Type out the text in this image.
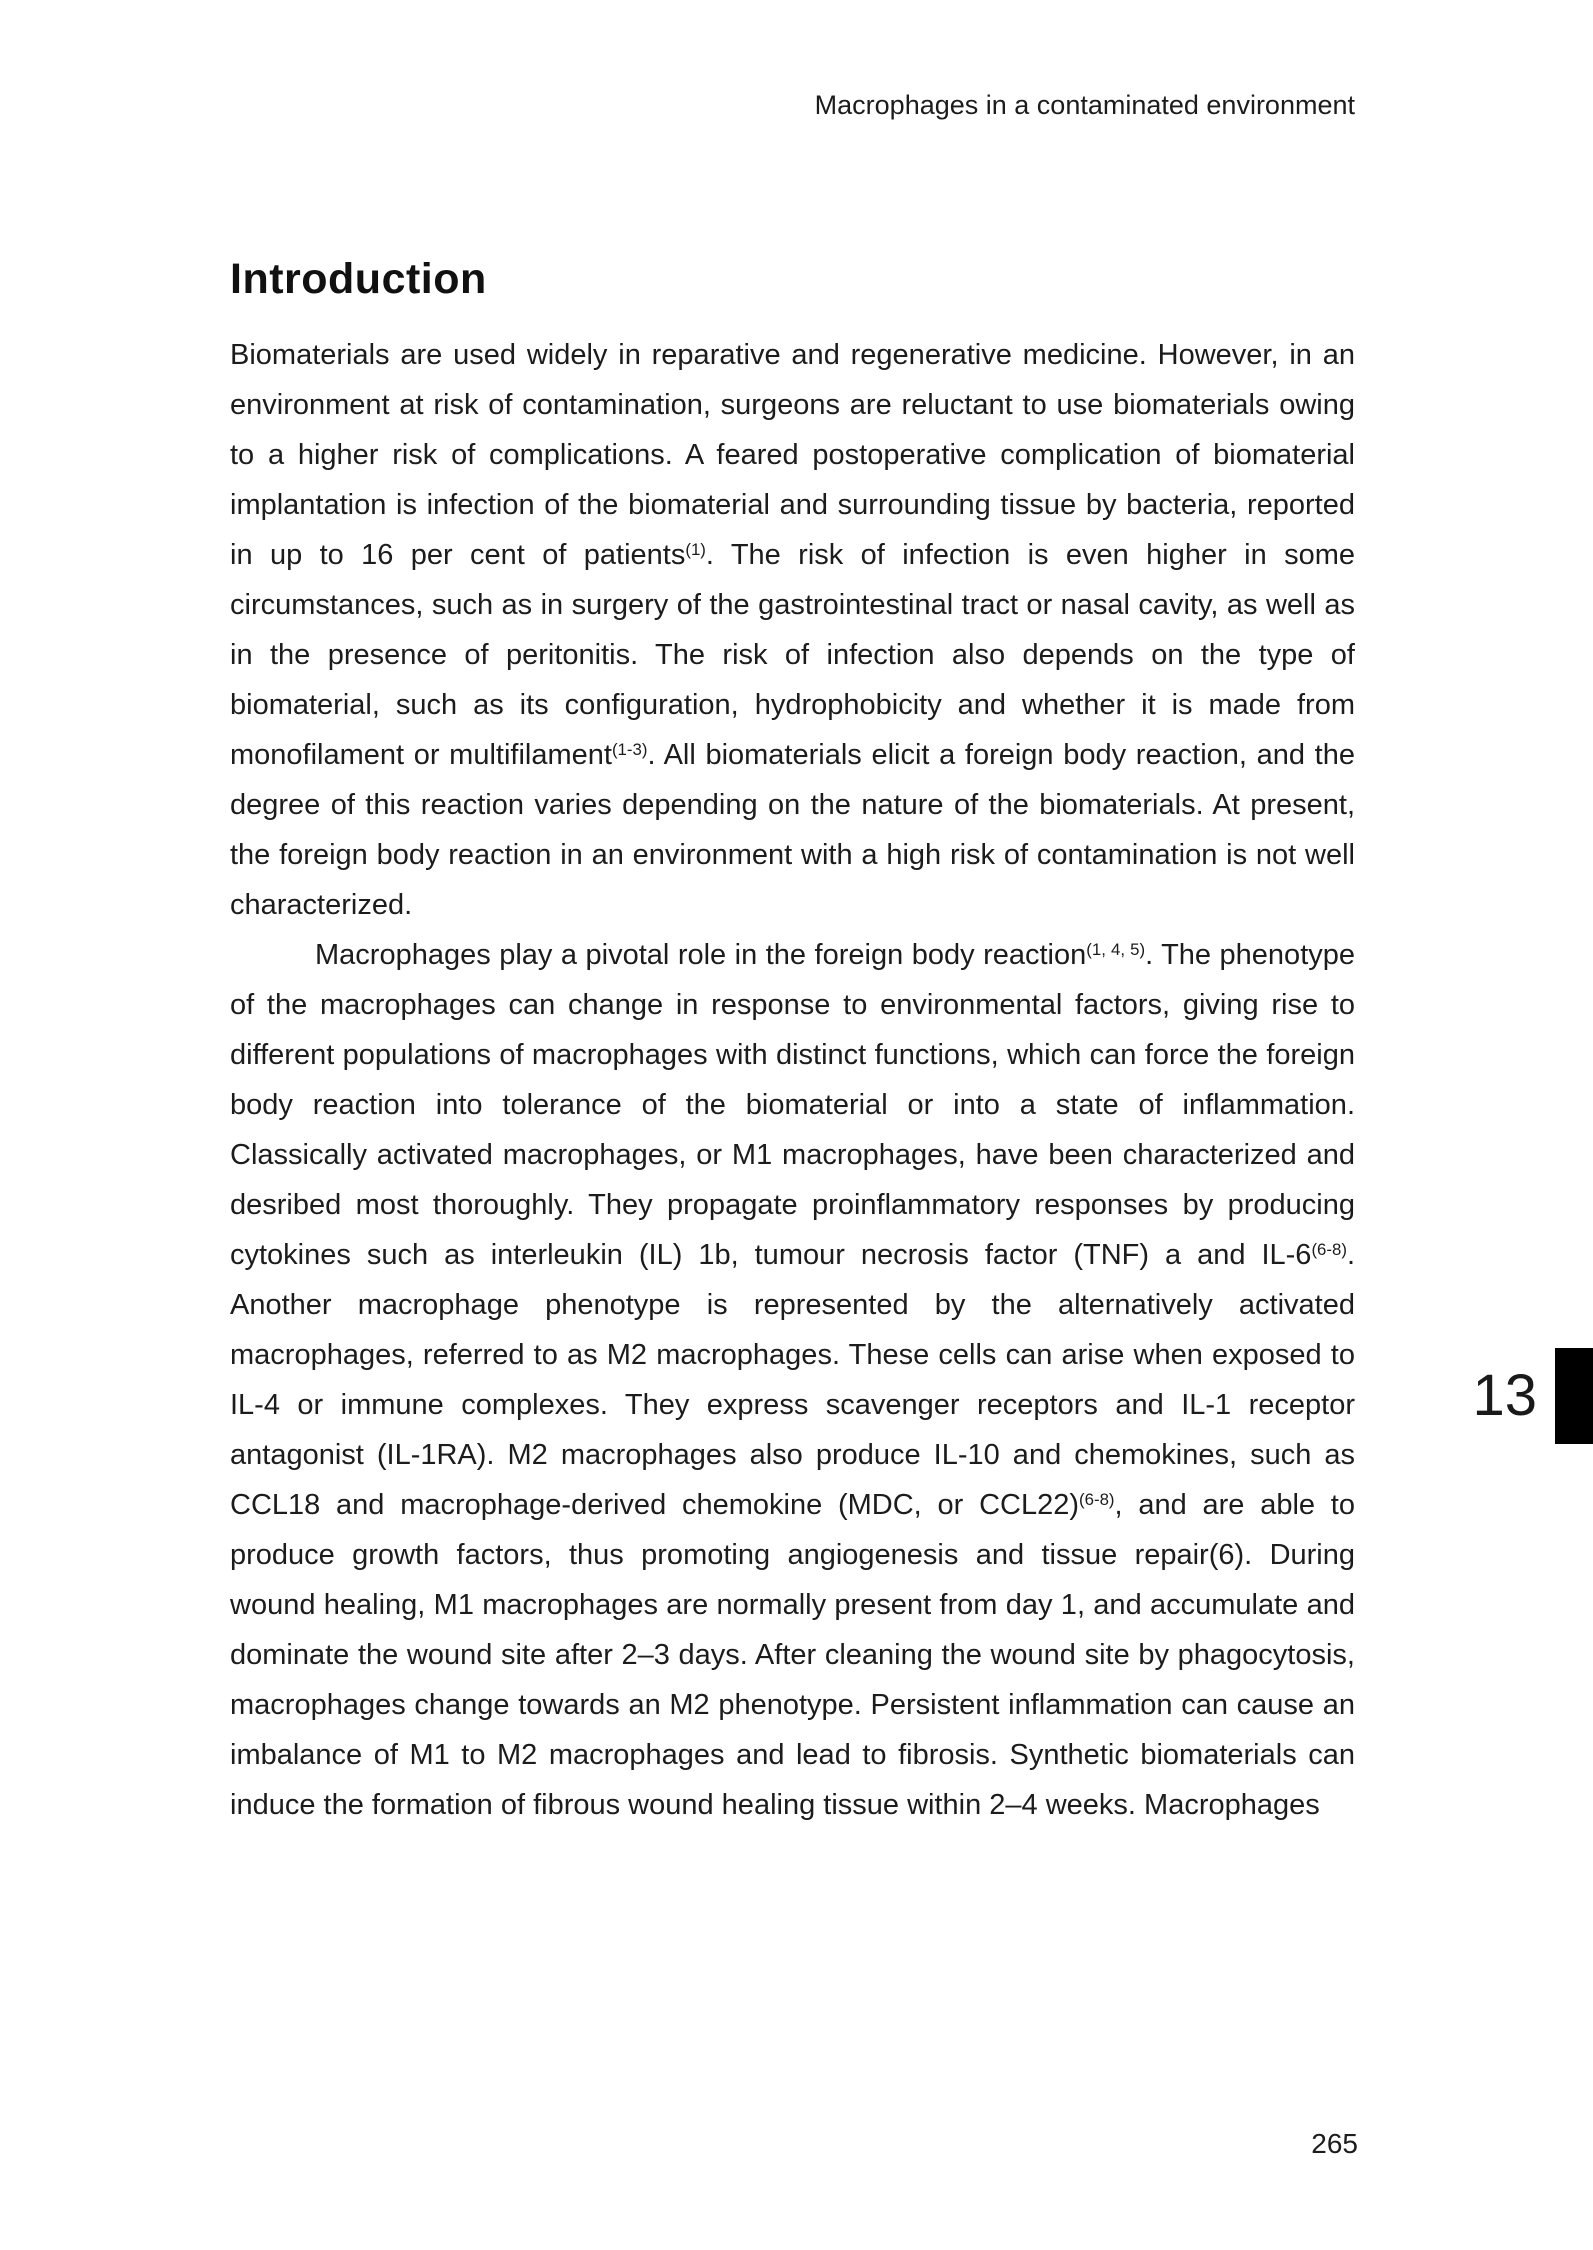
Macrophages in a contaminated environment
Introduction

Biomaterials are used widely in reparative and regenerative medicine. However, in an environment at risk of contamination, surgeons are reluctant to use biomaterials owing to a higher risk of complications. A feared postoperative complication of biomaterial implantation is infection of the biomaterial and surrounding tissue by bacteria, reported in up to 16 per cent of patients$^{(1)}$. The risk of infection is even higher in some circumstances, such as in surgery of the gastrointestinal tract or nasal cavity, as well as in the presence of peritonitis. The risk of infection also depends on the type of biomaterial, such as its configuration, hydrophobicity and whether it is made from monofilament or multifilament$^{(1-3)}$. All biomaterials elicit a foreign body reaction, and the degree of this reaction varies depending on the nature of the biomaterials. At present, the foreign body reaction in an environment with a high risk of contamination is not well characterized.

Macrophages play a pivotal role in the foreign body reaction$^{(1, 4, 5)}$. The phenotype of the macrophages can change in response to environmental factors, giving rise to different populations of macrophages with distinct functions, which can force the foreign body reaction into tolerance of the biomaterial or into a state of inflammation. Classically activated macrophages, or M1 macrophages, have been characterized and desribed most thoroughly. They propagate proinflammatory responses by producing cytokines such as interleukin (IL) 1b, tumour necrosis factor (TNF) a and IL-6$^{(6-8)}$. Another macrophage phenotype is represented by the alternatively activated macrophages, referred to as M2 macrophages. These cells can arise when exposed to IL-4 or immune complexes. They express scavenger receptors and IL-1 receptor antagonist (IL-1RA). M2 macrophages also produce IL-10 and chemokines, such as CCL18 and macrophage-derived chemokine (MDC, or CCL22)$^{(6-8)}$, and are able to produce growth factors, thus promoting angiogenesis and tissue repair(6). During wound healing, M1 macrophages are normally present from day 1, and accumulate and dominate the wound site after 2–3 days. After cleaning the wound site by phagocytosis, macrophages change towards an M2 phenotype. Persistent inflammation can cause an imbalance of M1 to M2 macrophages and lead to fibrosis. Synthetic biomaterials can induce the formation of fibrous wound healing tissue within 2–4 weeks. Macrophages

13
265
